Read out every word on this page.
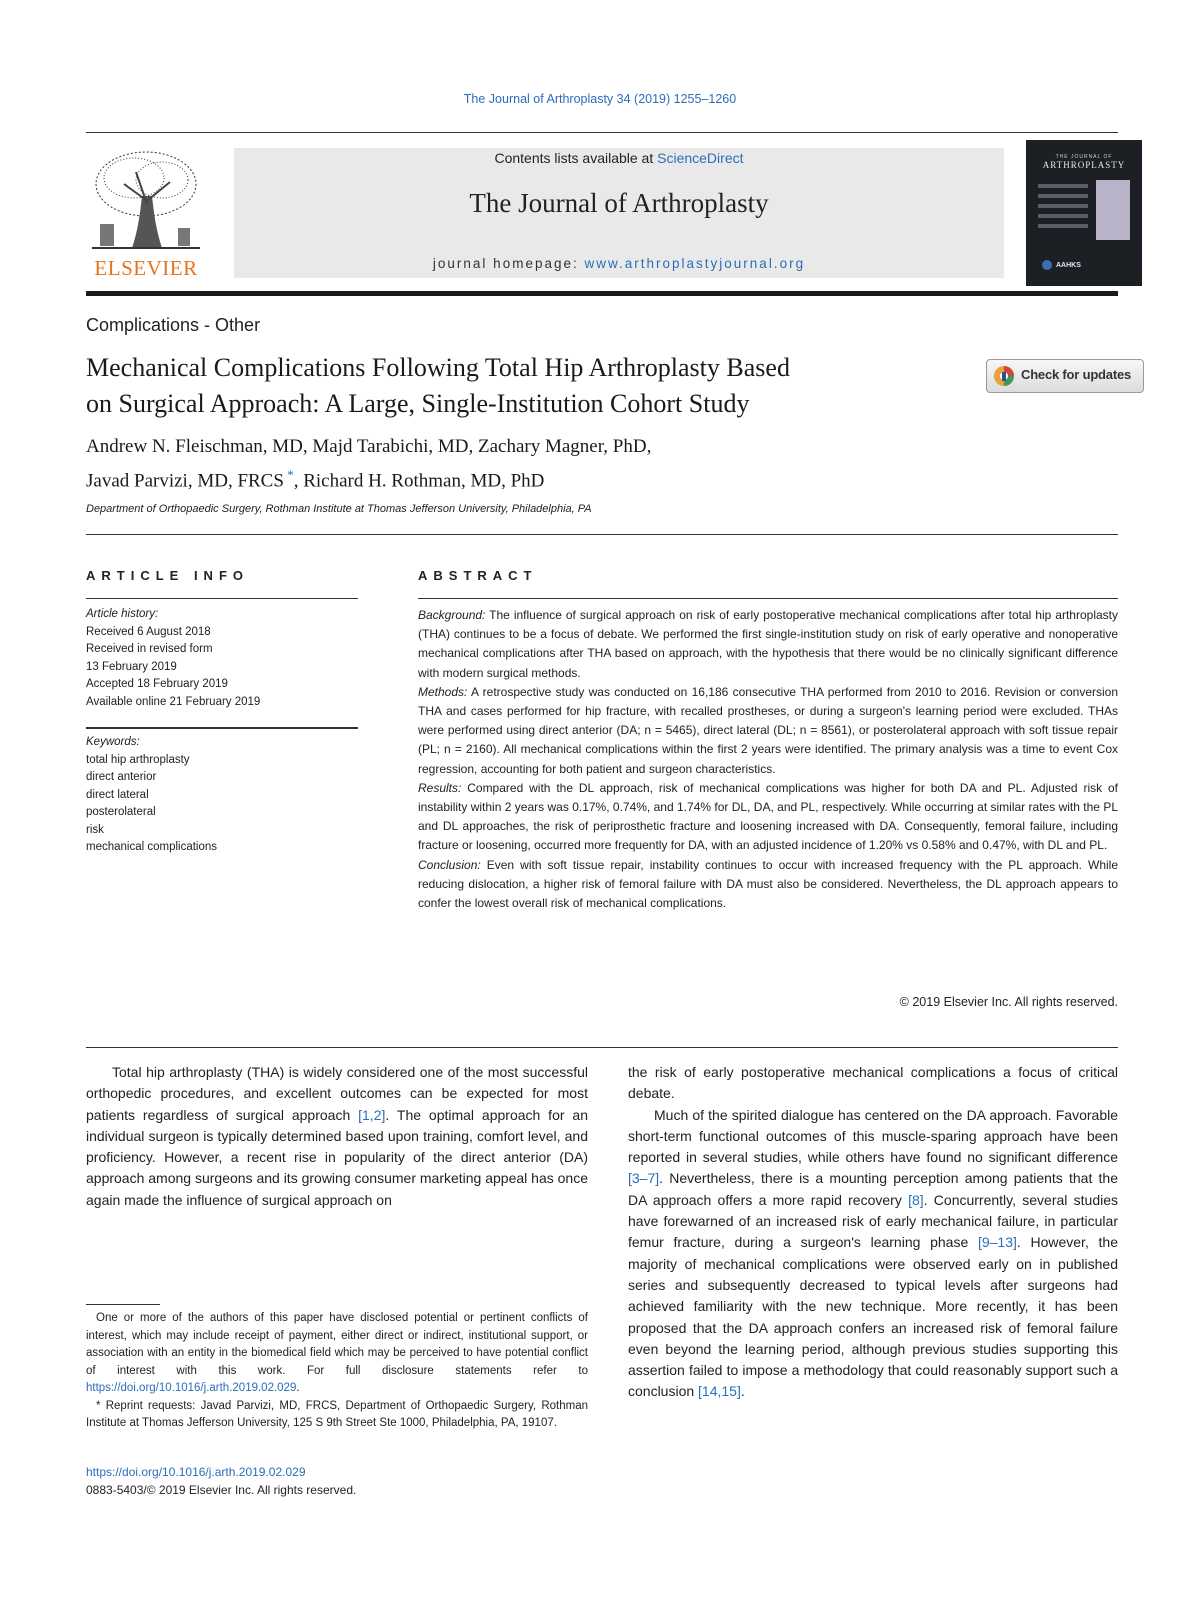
The Journal of Arthroplasty 34 (2019) 1255–1260
ELSEVIER
Contents lists available at ScienceDirect
The Journal of Arthroplasty
journal homepage: www.arthroplastyjournal.org
THE JOURNAL OF
ARTHROPLASTY
AAHKS
Complications - Other
Mechanical Complications Following Total Hip Arthroplasty Based
on Surgical Approach: A Large, Single-Institution Cohort Study
Check for updates
Andrew N. Fleischman, MD, Majd Tarabichi, MD, Zachary Magner, PhD,
Javad Parvizi, MD, FRCS *, Richard H. Rothman, MD, PhD
Department of Orthopaedic Surgery, Rothman Institute at Thomas Jefferson University, Philadelphia, PA
ARTICLE INFO
Article history:
Received 6 August 2018
Received in revised form
13 February 2019
Accepted 18 February 2019
Available online 21 February 2019
Keywords:
total hip arthroplasty
direct anterior
direct lateral
posterolateral
risk
mechanical complications
ABSTRACT

Background: The influence of surgical approach on risk of early postoperative mechanical complications after total hip arthroplasty (THA) continues to be a focus of debate. We performed the first single-institution study on risk of early operative and nonoperative mechanical complications after THA based on approach, with the hypothesis that there would be no clinically significant difference with modern surgical methods.

Methods: A retrospective study was conducted on 16,186 consecutive THA performed from 2010 to 2016. Revision or conversion THA and cases performed for hip fracture, with recalled prostheses, or during a surgeon's learning period were excluded. THAs were performed using direct anterior (DA; n = 5465), direct lateral (DL; n = 8561), or posterolateral approach with soft tissue repair (PL; n = 2160). All mechanical complications within the first 2 years were identified. The primary analysis was a time to event Cox regression, accounting for both patient and surgeon characteristics.

Results: Compared with the DL approach, risk of mechanical complications was higher for both DA and PL. Adjusted risk of instability within 2 years was 0.17%, 0.74%, and 1.74% for DL, DA, and PL, respectively. While occurring at similar rates with the PL and DL approaches, the risk of periprosthetic fracture and loosening increased with DA. Consequently, femoral failure, including fracture or loosening, occurred more frequently for DA, with an adjusted incidence of 1.20% vs 0.58% and 0.47%, with DL and PL.

Conclusion: Even with soft tissue repair, instability continues to occur with increased frequency with the PL approach. While reducing dislocation, a higher risk of femoral failure with DA must also be considered. Nevertheless, the DL approach appears to confer the lowest overall risk of mechanical complications.

© 2019 Elsevier Inc. All rights reserved.

Total hip arthroplasty (THA) is widely considered one of the most successful orthopedic procedures, and excellent outcomes can be expected for most patients regardless of surgical approach [1,2]. The optimal approach for an individual surgeon is typically determined based upon training, comfort level, and proficiency. However, a recent rise in popularity of the direct anterior (DA) approach among surgeons and its growing consumer marketing appeal has once again made the influence of surgical approach on

the risk of early postoperative mechanical complications a focus of critical debate.

Much of the spirited dialogue has centered on the DA approach. Favorable short-term functional outcomes of this muscle-sparing approach have been reported in several studies, while others have found no significant difference [3–7]. Nevertheless, there is a mounting perception among patients that the DA approach offers a more rapid recovery [8]. Concurrently, several studies have forewarned of an increased risk of early mechanical failure, in particular femur fracture, during a surgeon's learning phase [9–13]. However, the majority of mechanical complications were observed early on in published series and subsequently decreased to typical levels after surgeons had achieved familiarity with the new technique. More recently, it has been proposed that the DA approach confers an increased risk of femoral failure even beyond the learning period, although previous studies supporting this assertion failed to impose a methodology that could reasonably support such a conclusion [14,15].

One or more of the authors of this paper have disclosed potential or pertinent conflicts of interest, which may include receipt of payment, either direct or indirect, institutional support, or association with an entity in the biomedical field which may be perceived to have potential conflict of interest with this work. For full disclosure statements refer to https://doi.org/10.1016/j.arth.2019.02.029.

* Reprint requests: Javad Parvizi, MD, FRCS, Department of Orthopaedic Surgery, Rothman Institute at Thomas Jefferson University, 125 S 9th Street Ste 1000, Philadelphia, PA, 19107.

https://doi.org/10.1016/j.arth.2019.02.029
0883-5403/© 2019 Elsevier Inc. All rights reserved.
